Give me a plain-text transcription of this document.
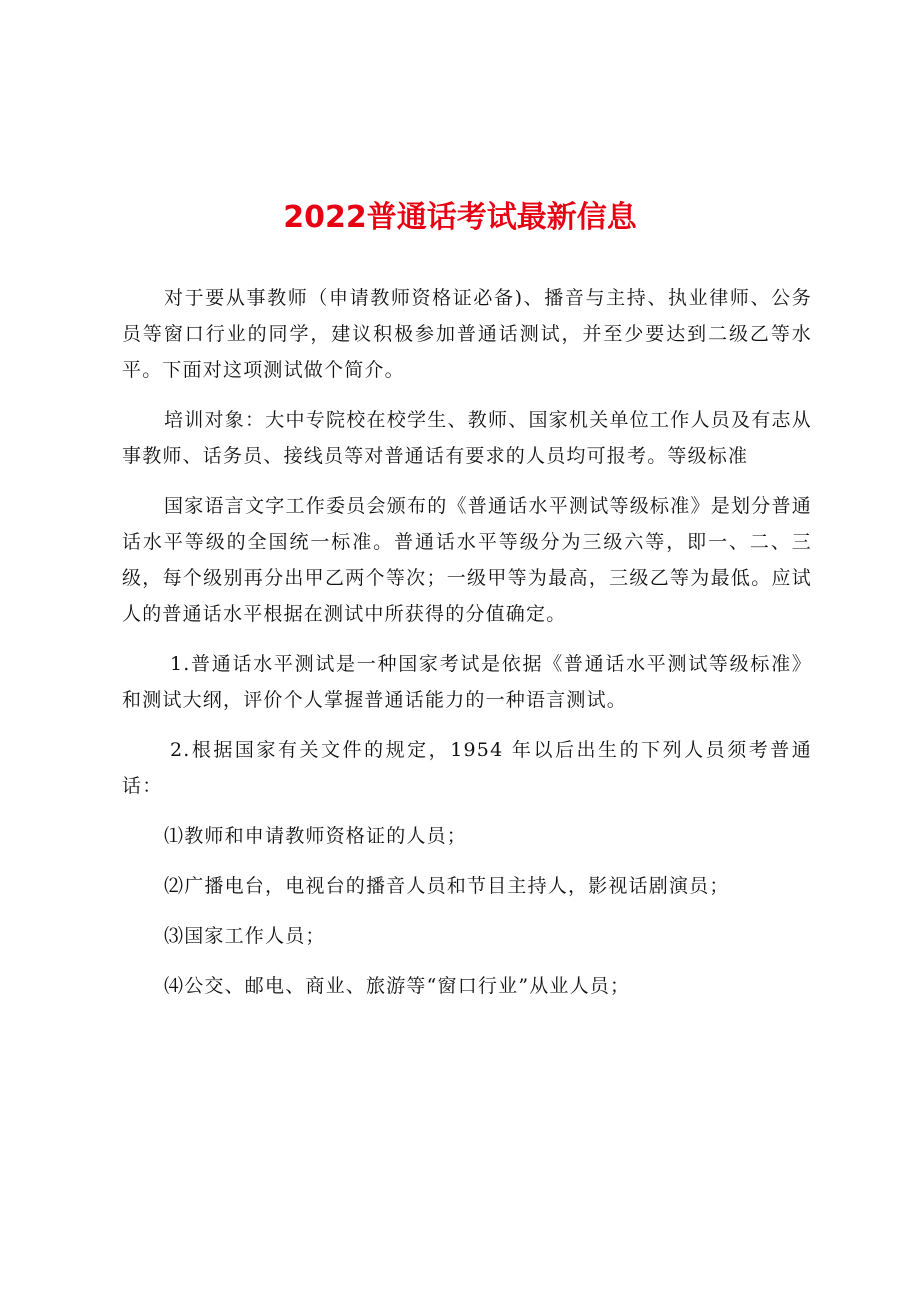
2022普通话考试最新信息

对于要从事教师（申请教师资格证必备)、播音与主持、执业律师、公务员等窗口行业的同学，建议积极参加普通话测试，并至少要达到二级乙等水平。下面对这项测试做个简介。

培训对象：大中专院校在校学生、教师、国家机关单位工作人员及有志从事教师、话务员、接线员等对普通话有要求的人员均可报考。等级标准

国家语言文字工作委员会颁布的《普通话水平测试等级标准》是划分普通话水平等级的全国统一标准。普通话水平等级分为三级六等，即一、二、三级，每个级别再分出甲乙两个等次；一级甲等为最高，三级乙等为最低。应试人的普通话水平根据在测试中所获得的分值确定。

1.普通话水平测试是一种国家考试是依据《普通话水平测试等级标准》和测试大纲，评价个人掌握普通话能力的一种语言测试。

2.根据国家有关文件的规定，1954 年以后出生的下列人员须考普通话：

⑴教师和申请教师资格证的人员；

⑵广播电台，电视台的播音人员和节目主持人，影视话剧演员；

⑶国家工作人员；

⑷公交、邮电、商业、旅游等“窗口行业”从业人员；
